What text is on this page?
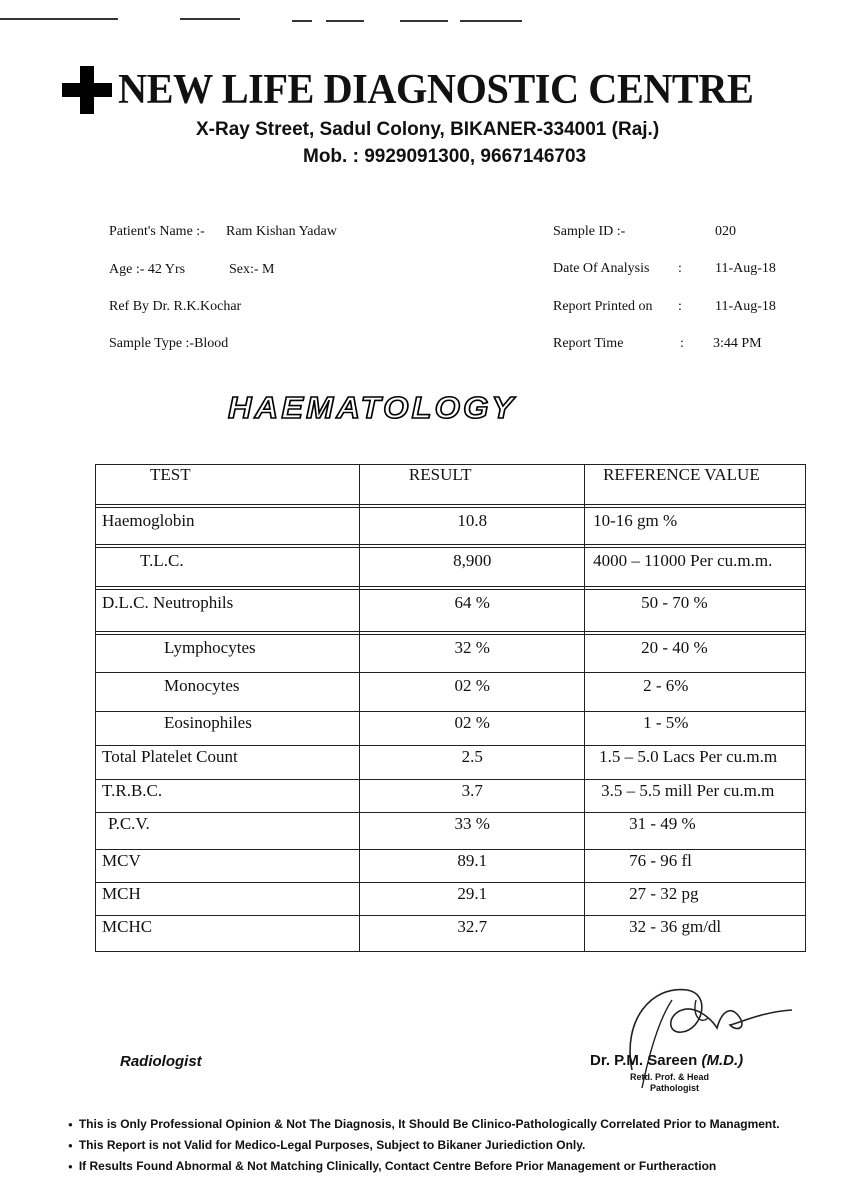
NEW LIFE DIAGNOSTIC CENTRE
X-Ray Street, Sadul Colony, BIKANER-334001 (Raj.)
Mob. : 9929091300, 9667146703
Patient's Name :- Ram Kishan Yadaw
Age :- 42 Yrs	Sex:- M
Ref By Dr. R.K.Kochar
Sample Type :-Blood
Sample ID :-	020
Date Of Analysis : 11-Aug-18
Report Printed on : 11-Aug-18
Report Time	: 3:44 PM
HAEMATOLOGY
TEST	RESULT	REFERENCE VALUE

Haemoglobin	10.8	10-16 gm %

T.L.C.	8,900	4000 – 11000 Per cu.m.m.

D.L.C. Neutrophils	64 %	50 - 70 %

Lymphocytes	32 %	20 - 40 %
Monocytes	02 %	2 - 6%
Eosinophiles	02 %	1 - 5%
Total Platelet Count	2.5	1.5 – 5.0 Lacs Per cu.m.m
T.R.B.C.	3.7	3.5 – 5.5 mill Per cu.m.m
P.C.V.	33 %	31 - 49 %
MCV	89.1	76 - 96 fl
MCH	29.1	27 - 32 pg
MCHC	32.7	32 - 36 gm/dl
Radiologist	Dr. P.M. Sareen (M.D.)
Retd. Prof. & Head
Pathologist
● This is Only Professional Opinion & Not The Diagnosis, It Should Be Clinico-Pathologically Correlated Prior to Managment.
● This Report is not Valid for Medico-Legal Purposes, Subject to Bikaner Juriediction Only.
● If Results Found Abnormal & Not Matching Clinically, Contact Centre Before Prior Management or Furtheraction
